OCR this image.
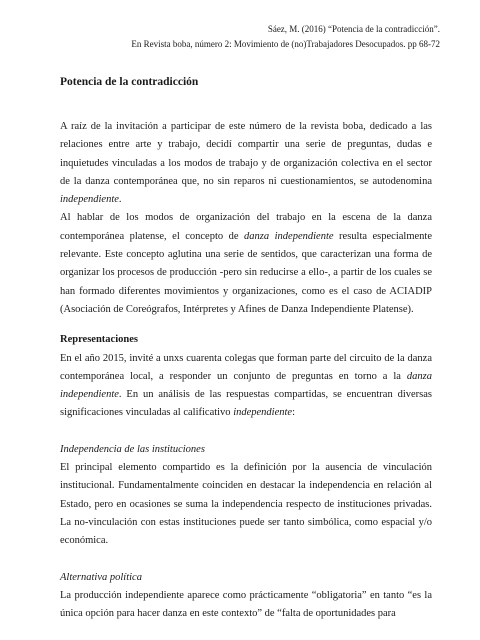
Sáez, M. (2016) “Potencia de la contradicción”.
En Revista boba, número 2: Movimiento de (no)Trabajadores Desocupados. pp 68-72
Potencia de la contradicción

A raíz de la invitación a participar de este número de la revista boba, dedicado a las relaciones entre arte y trabajo, decidí compartir una serie de preguntas, dudas e inquietudes vinculadas a los modos de trabajo y de organización colectiva en el sector de la danza contemporánea que, no sin reparos ni cuestionamientos, se autodenomina independiente.

Al hablar de los modos de organización del trabajo en la escena de la danza contemporánea platense, el concepto de danza independiente resulta especialmente relevante. Este concepto aglutina una serie de sentidos, que caracterizan una forma de organizar los procesos de producción -pero sin reducirse a ello-, a partir de los cuales se han formado diferentes movimientos y organizaciones, como es el caso de ACIADIP (Asociación de Coreógrafos, Intérpretes y Afines de Danza Independiente Platense).

Representaciones

En el año 2015, invité a unxs cuarenta colegas que forman parte del circuito de la danza contemporánea local, a responder un conjunto de preguntas en torno a la danza independiente. En un análisis de las respuestas compartidas, se encuentran diversas significaciones vinculadas al calificativo independiente:

Independencia de las instituciones

El principal elemento compartido es la definición por la ausencia de vinculación institucional. Fundamentalmente coinciden en destacar la independencia en relación al Estado, pero en ocasiones se suma la independencia respecto de instituciones privadas. La no-vinculación con estas instituciones puede ser tanto simbólica, como espacial y/o económica.

Alternativa política

La producción independiente aparece como prácticamente “obligatoria” en tanto “es la única opción para hacer danza en este contexto” de “falta de oportunidades para
